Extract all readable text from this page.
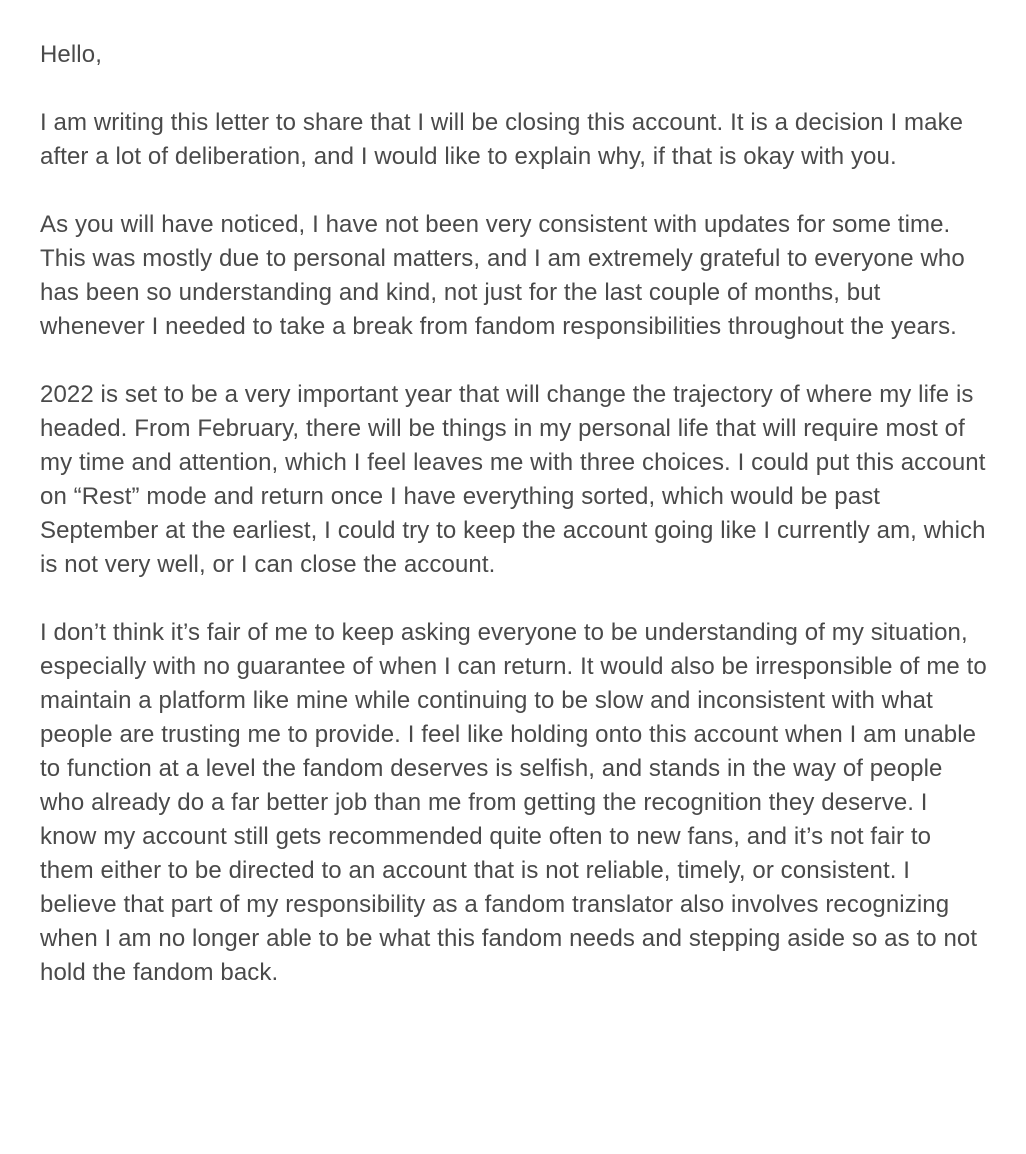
Hello,

I am writing this letter to share that I will be closing this account. It is a decision I make after a lot of deliberation, and I would like to explain why, if that is okay with you.

As you will have noticed, I have not been very consistent with updates for some time. This was mostly due to personal matters, and I am extremely grateful to everyone who has been so understanding and kind, not just for the last couple of months, but whenever I needed to take a break from fandom responsibilities throughout the years.

2022 is set to be a very important year that will change the trajectory of where my life is headed. From February, there will be things in my personal life that will require most of my time and attention, which I feel leaves me with three choices. I could put this account on “Rest” mode and return once I have everything sorted, which would be past September at the earliest, I could try to keep the account going like I currently am, which is not very well, or I can close the account.

I don’t think it’s fair of me to keep asking everyone to be understanding of my situation, especially with no guarantee of when I can return. It would also be irresponsible of me to maintain a platform like mine while continuing to be slow and inconsistent with what people are trusting me to provide. I feel like holding onto this account when I am unable to function at a level the fandom deserves is selfish, and stands in the way of people who already do a far better job than me from getting the recognition they deserve. I know my account still gets recommended quite often to new fans, and it’s not fair to them either to be directed to an account that is not reliable, timely, or consistent. I believe that part of my responsibility as a fandom translator also involves recognizing when I am no longer able to be what this fandom needs and stepping aside so as to not hold the fandom back.
